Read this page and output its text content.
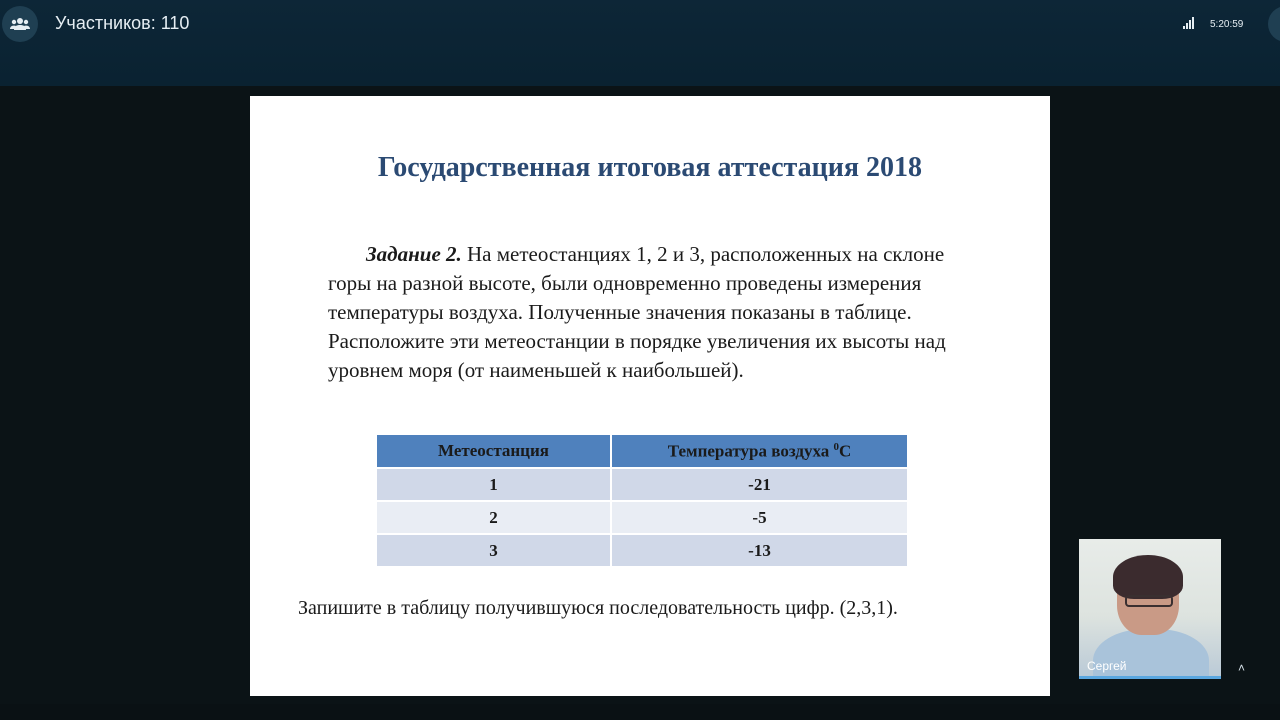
Участников: 110	5:20:59
Государственная итоговая аттестация 2018
Задание 2. На метеостанциях 1, 2 и 3, расположенных на склоне горы на разной высоте, были одновременно проведены измерения температуры воздуха. Полученные значения показаны в таблице. Расположите эти метеостанции в порядке увеличения их высоты над уровнем моря (от наименьшей к наибольшей).
Метеостанция	Температура воздуха $^0$С
1	-21
2	-5
3	-13
Запишите в таблицу получившуюся последовательность цифр. (2,3,1).
Сергей	˄
